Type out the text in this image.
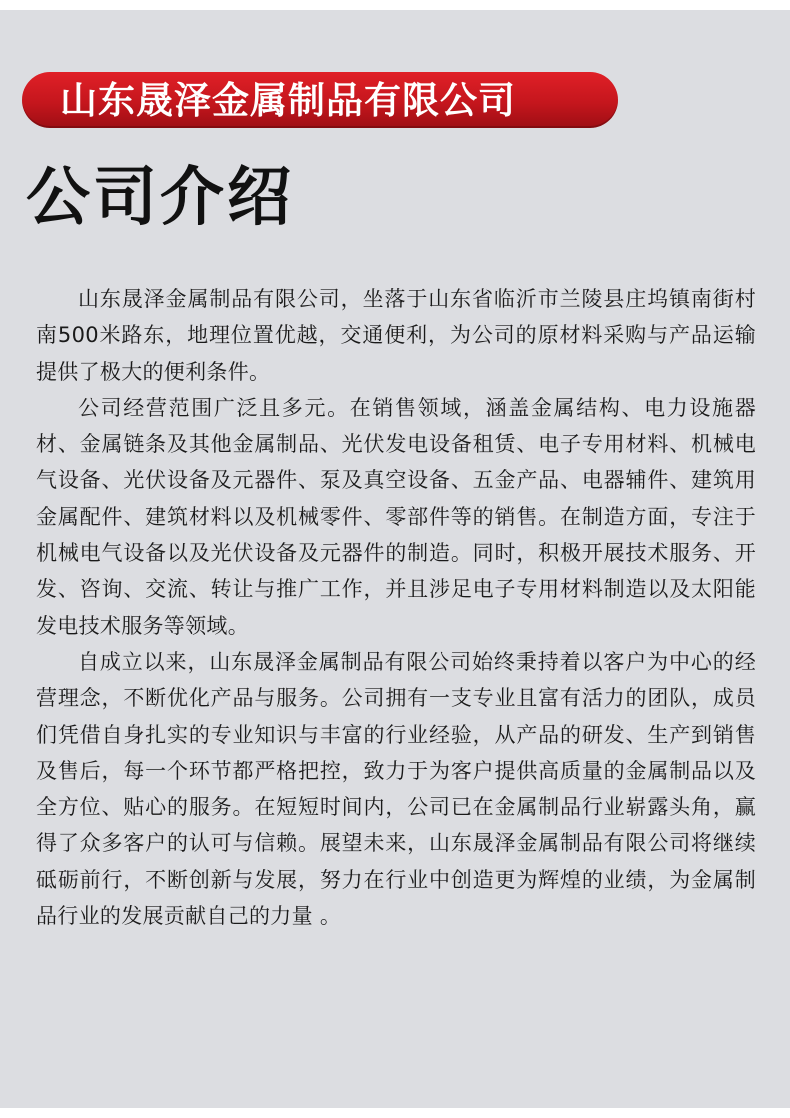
山东晟泽金属制品有限公司
公司介绍

山东晟泽金属制品有限公司，坐落于山东省临沂市兰陵县庄坞镇南街村南500米路东，地理位置优越，交通便利，为公司的原材料采购与产品运输提供了极大的便利条件。

公司经营范围广泛且多元。在销售领域，涵盖金属结构、电力设施器材、金属链条及其他金属制品、光伏发电设备租赁、电子专用材料、机械电气设备、光伏设备及元器件、泵及真空设备、五金产品、电器辅件、建筑用金属配件、建筑材料以及机械零件、零部件等的销售。在制造方面，专注于机械电气设备以及光伏设备及元器件的制造。同时，积极开展技术服务、开发、咨询、交流、转让与推广工作，并且涉足电子专用材料制造以及太阳能发电技术服务等领域。

自成立以来，山东晟泽金属制品有限公司始终秉持着以客户为中心的经营理念，不断优化产品与服务。公司拥有一支专业且富有活力的团队，成员们凭借自身扎实的专业知识与丰富的行业经验，从产品的研发、生产到销售及售后，每一个环节都严格把控，致力于为客户提供高质量的金属制品以及全方位、贴心的服务。在短短时间内，公司已在金属制品行业崭露头角，赢得了众多客户的认可与信赖。展望未来，山东晟泽金属制品有限公司将继续砥砺前行，不断创新与发展，努力在行业中创造更为辉煌的业绩，为金属制品行业的发展贡献自己的力量 。
